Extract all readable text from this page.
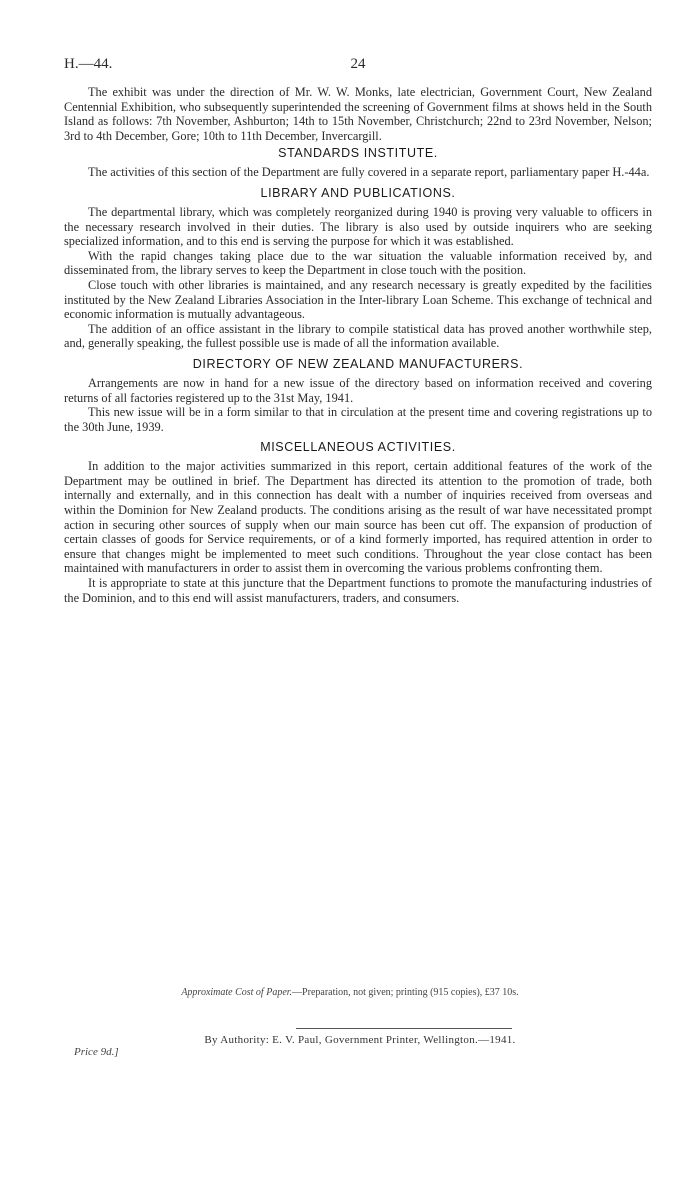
H.—44.	24

The exhibit was under the direction of Mr. W. W. Monks, late electrician, Government Court, New Zealand Centennial Exhibition, who subsequently superintended the screening of Government films at shows held in the South Island as follows: 7th November, Ashburton; 14th to 15th November, Christchurch; 22nd to 23rd November, Nelson; 3rd to 4th December, Gore; 10th to 11th December, Invercargill.

STANDARDS INSTITUTE.

The activities of this section of the Department are fully covered in a separate report, parliamentary paper H.-44a.

LIBRARY AND PUBLICATIONS.

The departmental library, which was completely reorganized during 1940 is proving very valuable to officers in the necessary research involved in their duties. The library is also used by outside inquirers who are seeking specialized information, and to this end is serving the purpose for which it was established.

With the rapid changes taking place due to the war situation the valuable information received by, and disseminated from, the library serves to keep the Department in close touch with the position.

Close touch with other libraries is maintained, and any research necessary is greatly expedited by the facilities instituted by the New Zealand Libraries Association in the Inter-library Loan Scheme. This exchange of technical and economic information is mutually advantageous.

The addition of an office assistant in the library to compile statistical data has proved another worthwhile step, and, generally speaking, the fullest possible use is made of all the information available.

DIRECTORY OF NEW ZEALAND MANUFACTURERS.

Arrangements are now in hand for a new issue of the directory based on information received and covering returns of all factories registered up to the 31st May, 1941.

This new issue will be in a form similar to that in circulation at the present time and covering registrations up to the 30th June, 1939.

MISCELLANEOUS ACTIVITIES.

In addition to the major activities summarized in this report, certain additional features of the work of the Department may be outlined in brief. The Department has directed its attention to the promotion of trade, both internally and externally, and in this connection has dealt with a number of inquiries received from overseas and within the Dominion for New Zealand products. The conditions arising as the result of war have necessitated prompt action in securing other sources of supply when our main source has been cut off. The expansion of production of certain classes of goods for Service requirements, or of a kind formerly imported, has required attention in order to ensure that changes might be implemented to meet such conditions. Throughout the year close contact has been maintained with manufacturers in order to assist them in overcoming the various problems confronting them.

It is appropriate to state at this juncture that the Department functions to promote the manufacturing industries of the Dominion, and to this end will assist manufacturers, traders, and consumers.

Approximate Cost of Paper.—Preparation, not given; printing (915 copies), £37 10s.
By Authority: E. V. Paul, Government Printer, Wellington.—1941.
Price 9d.]
